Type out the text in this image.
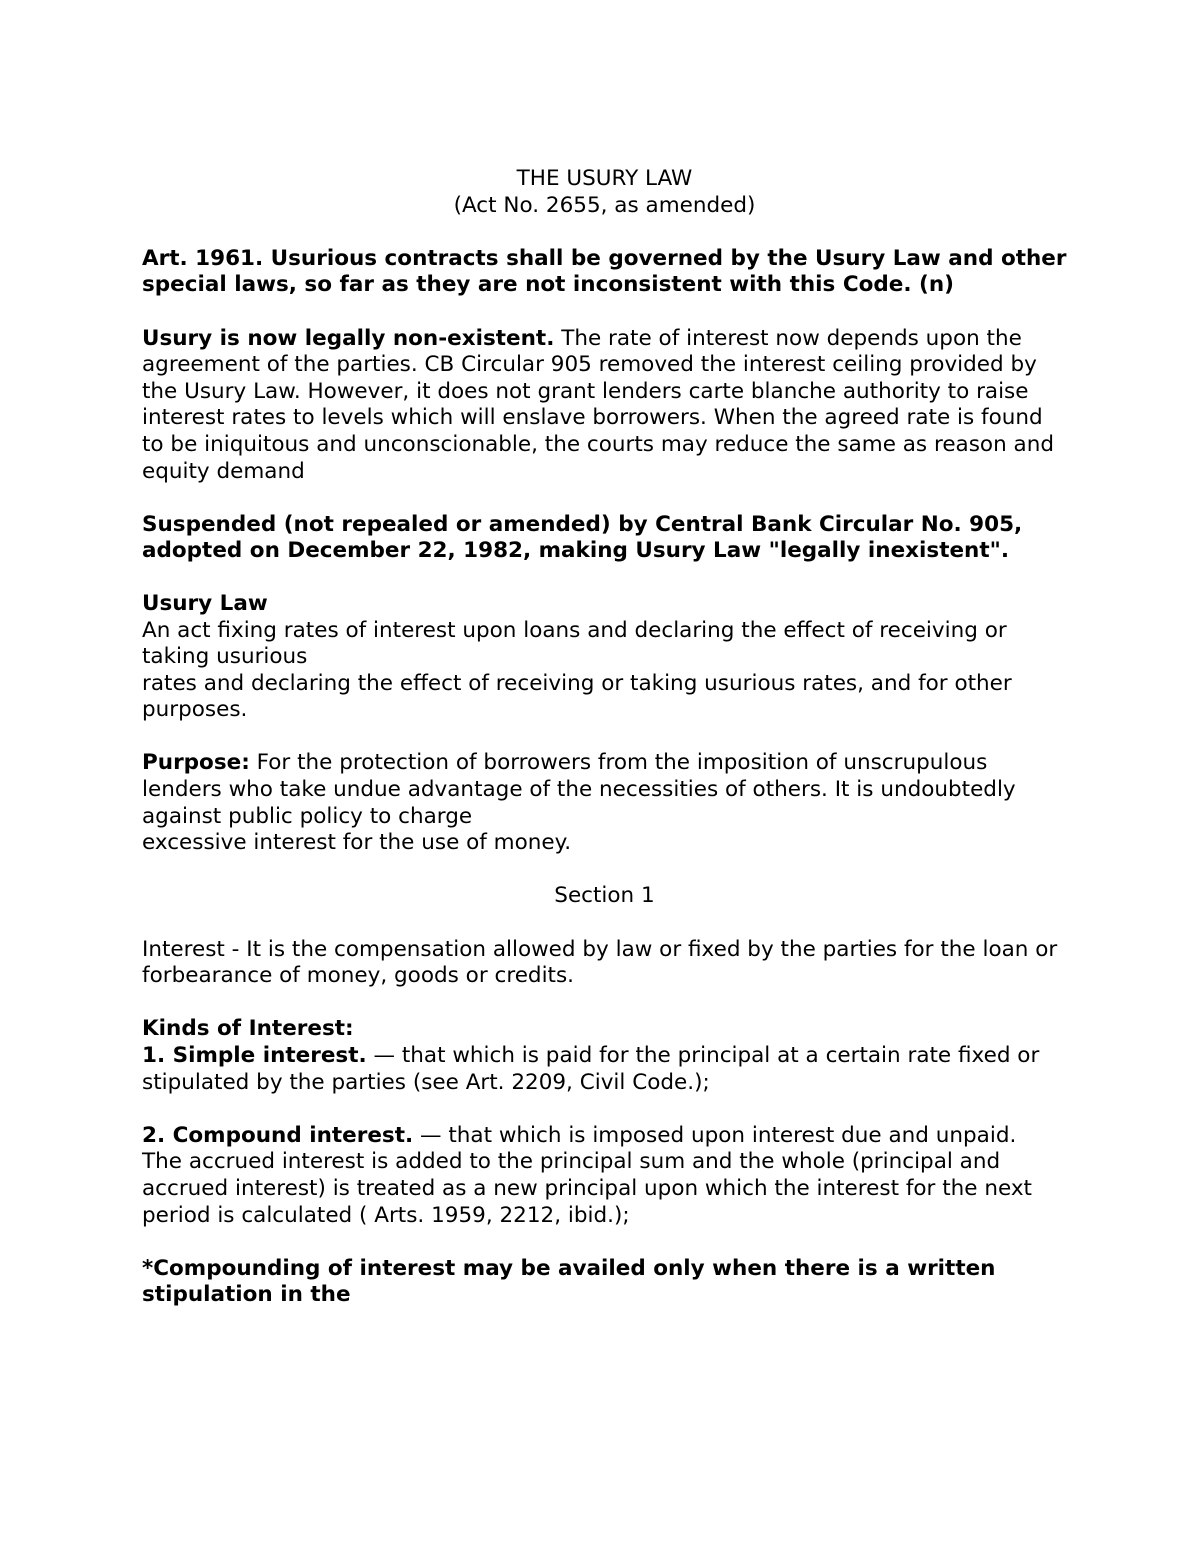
THE USURY LAW

(Act No. 2655, as amended)

Art. 1961. Usurious contracts shall be governed by the Usury Law and other special laws, so far as they are not inconsistent with this Code. (n)

Usury is now legally non-existent. The rate of interest now depends upon the agreement of the parties. CB Circular 905 removed the interest ceiling provided by the Usury Law. However, it does not grant lenders carte blanche authority to raise interest rates to levels which will enslave borrowers. When the agreed rate is found to be iniquitous and unconscionable, the courts may reduce the same as reason and equity demand

Suspended (not repealed or amended) by Central Bank Circular No. 905, adopted on December 22, 1982, making Usury Law "legally inexistent".

Usury Law

An act fixing rates of interest upon loans and declaring the effect of receiving or taking usurious

rates and declaring the effect of receiving or taking usurious rates, and for other purposes.

Purpose: For the protection of borrowers from the imposition of unscrupulous lenders who take undue advantage of the necessities of others. It is undoubtedly against public policy to charge

excessive interest for the use of money.

Section 1

Interest - It is the compensation allowed by law or fixed by the parties for the loan or forbearance of money, goods or credits.

Kinds of Interest:

1. Simple interest. — that which is paid for the principal at a certain rate fixed or stipulated by the parties (see Art. 2209, Civil Code.);

2. Compound interest. — that which is imposed upon interest due and unpaid.

The accrued interest is added to the principal sum and the whole (principal and accrued interest) is treated as a new principal upon which the interest for the next period is calculated ( Arts. 1959, 2212, ibid.);

*Compounding of interest may be availed only when there is a written stipulation in the
